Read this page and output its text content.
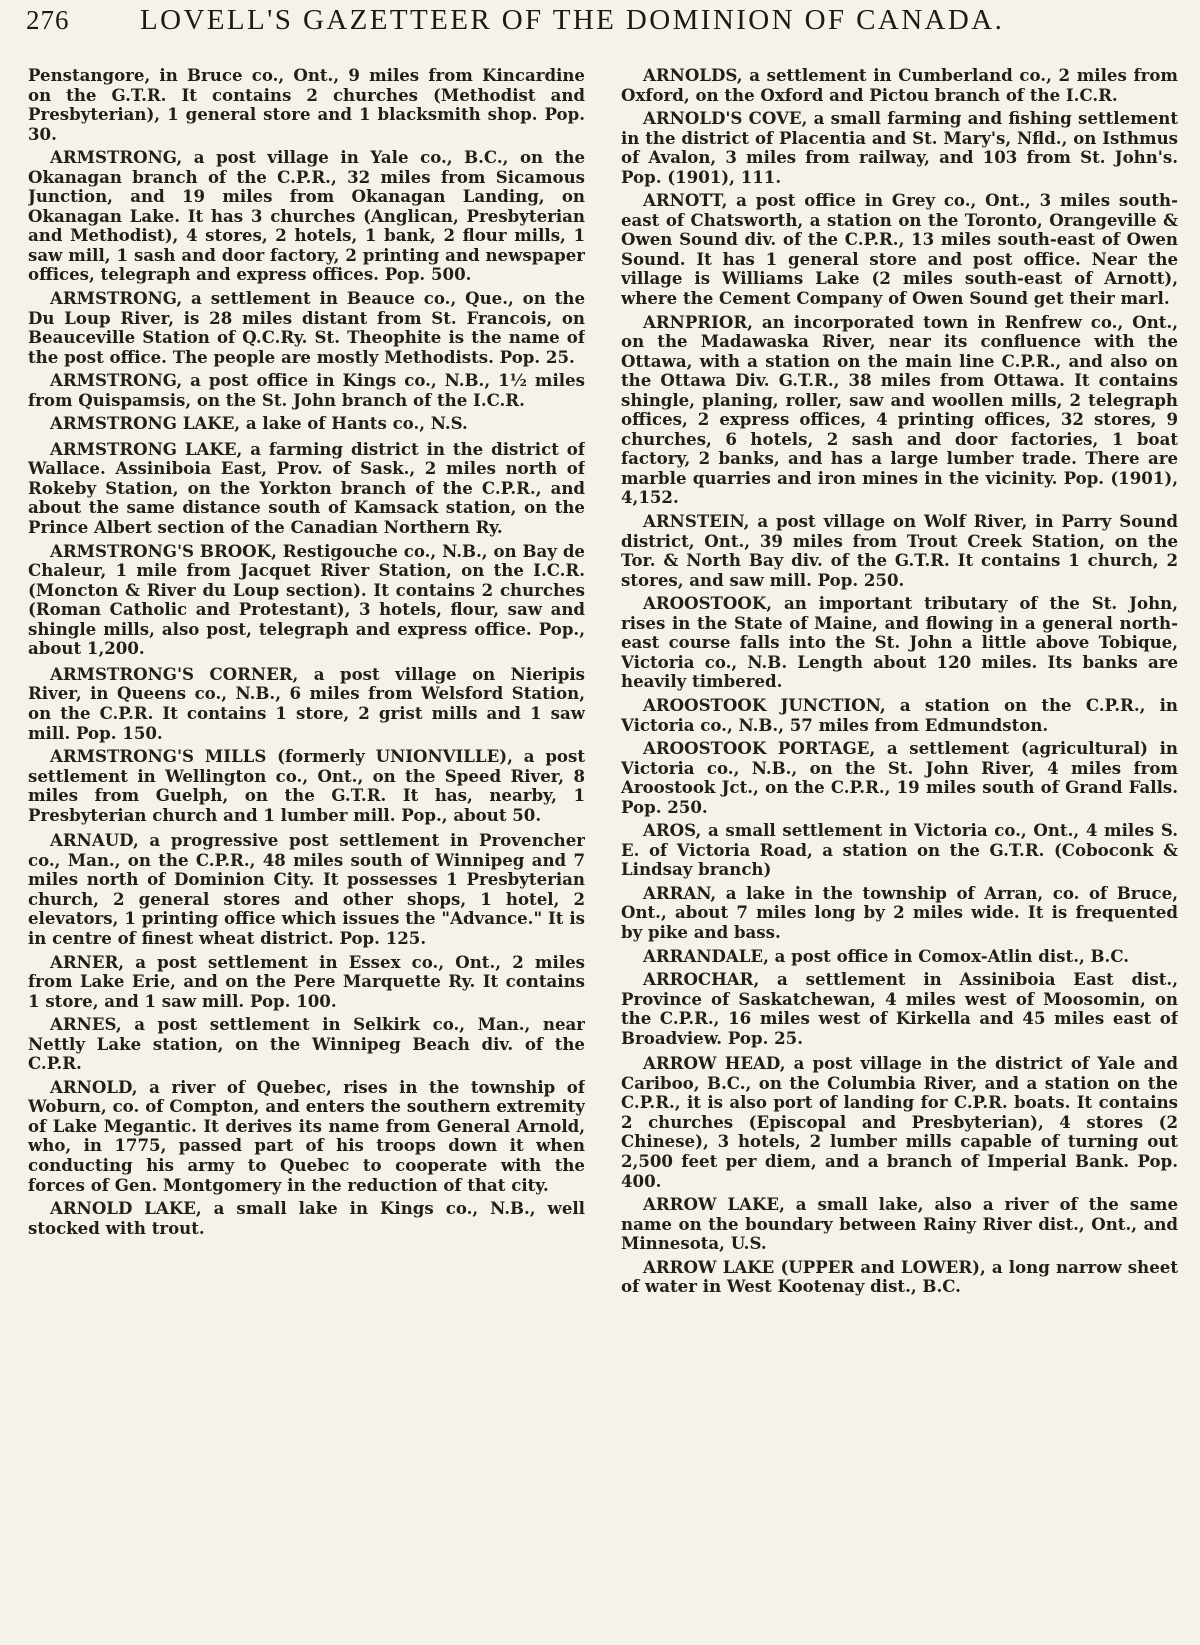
276	LOVELL'S GAZETTEER OF THE DOMINION OF CANADA.

Penstangore, in Bruce co., Ont., 9 miles from Kincardine on the G.T.R. It contains 2 churches (Methodist and Presbyterian), 1 general store and 1 blacksmith shop. Pop. 30.

ARMSTRONG, a post village in Yale co., B.C., on the Okanagan branch of the C.P.R., 32 miles from Sicamous Junction, and 19 miles from Okanagan Landing, on Okanagan Lake. It has 3 churches (Anglican, Presbyterian and Methodist), 4 stores, 2 hotels, 1 bank, 2 flour mills, 1 saw mill, 1 sash and door factory, 2 printing and newspaper offices, telegraph and express offices. Pop. 500.

ARMSTRONG, a settlement in Beauce co., Que., on the Du Loup River, is 28 miles distant from St. Francois, on Beauceville Station of Q.C.Ry. St. Theophite is the name of the post office. The people are mostly Methodists. Pop. 25.

ARMSTRONG, a post office in Kings co., N.B., 1½ miles from Quispamsis, on the St. John branch of the I.C.R.

ARMSTRONG LAKE, a lake of Hants co., N.S.

ARMSTRONG LAKE, a farming district in the district of Wallace. Assiniboia East, Prov. of Sask., 2 miles north of Rokeby Station, on the Yorkton branch of the C.P.R., and about the same distance south of Kamsack station, on the Prince Albert section of the Canadian Northern Ry.

ARMSTRONG'S BROOK, Restigouche co., N.B., on Bay de Chaleur, 1 mile from Jacquet River Station, on the I.C.R. (Moncton & River du Loup section). It contains 2 churches (Roman Catholic and Protestant), 3 hotels, flour, saw and shingle mills, also post, telegraph and express office. Pop., about 1,200.

ARMSTRONG'S CORNER, a post village on Nieripis River, in Queens co., N.B., 6 miles from Welsford Station, on the C.P.R. It contains 1 store, 2 grist mills and 1 saw mill. Pop. 150.

ARMSTRONG'S MILLS (formerly UNIONVILLE), a post settlement in Wellington co., Ont., on the Speed River, 8 miles from Guelph, on the G.T.R. It has, nearby, 1 Presbyterian church and 1 lumber mill. Pop., about 50.

ARNAUD, a progressive post settlement in Provencher co., Man., on the C.P.R., 48 miles south of Winnipeg and 7 miles north of Dominion City. It possesses 1 Presbyterian church, 2 general stores and other shops, 1 hotel, 2 elevators, 1 printing office which issues the "Advance." It is in centre of finest wheat district. Pop. 125.

ARNER, a post settlement in Essex co., Ont., 2 miles from Lake Erie, and on the Pere Marquette Ry. It contains 1 store, and 1 saw mill. Pop. 100.

ARNES, a post settlement in Selkirk co., Man., near Nettly Lake station, on the Winnipeg Beach div. of the C.P.R.

ARNOLD, a river of Quebec, rises in the township of Woburn, co. of Compton, and enters the southern extremity of Lake Megantic. It derives its name from General Arnold, who, in 1775, passed part of his troops down it when conducting his army to Quebec to cooperate with the forces of Gen. Montgomery in the reduction of that city.

ARNOLD LAKE, a small lake in Kings co., N.B., well stocked with trout.

ARNOLDS, a settlement in Cumberland co., 2 miles from Oxford, on the Oxford and Pictou branch of the I.C.R.

ARNOLD'S COVE, a small farming and fishing settlement in the district of Placentia and St. Mary's, Nfld., on Isthmus of Avalon, 3 miles from railway, and 103 from St. John's. Pop. (1901), 111.

ARNOTT, a post office in Grey co., Ont., 3 miles south-east of Chatsworth, a station on the Toronto, Orangeville & Owen Sound div. of the C.P.R., 13 miles south-east of Owen Sound. It has 1 general store and post office. Near the village is Williams Lake (2 miles south-east of Arnott), where the Cement Company of Owen Sound get their marl.

ARNPRIOR, an incorporated town in Renfrew co., Ont., on the Madawaska River, near its confluence with the Ottawa, with a station on the main line C.P.R., and also on the Ottawa Div. G.T.R., 38 miles from Ottawa. It contains shingle, planing, roller, saw and woollen mills, 2 telegraph offices, 2 express offices, 4 printing offices, 32 stores, 9 churches, 6 hotels, 2 sash and door factories, 1 boat factory, 2 banks, and has a large lumber trade. There are marble quarries and iron mines in the vicinity. Pop. (1901), 4,152.

ARNSTEIN, a post village on Wolf River, in Parry Sound district, Ont., 39 miles from Trout Creek Station, on the Tor. & North Bay div. of the G.T.R. It contains 1 church, 2 stores, and saw mill. Pop. 250.

AROOSTOOK, an important tributary of the St. John, rises in the State of Maine, and flowing in a general north-east course falls into the St. John a little above Tobique, Victoria co., N.B. Length about 120 miles. Its banks are heavily timbered.

AROOSTOOK JUNCTION, a station on the C.P.R., in Victoria co., N.B., 57 miles from Edmundston.

AROOSTOOK PORTAGE, a settlement (agricultural) in Victoria co., N.B., on the St. John River, 4 miles from Aroostook Jct., on the C.P.R., 19 miles south of Grand Falls. Pop. 250.

AROS, a small settlement in Victoria co., Ont., 4 miles S. E. of Victoria Road, a station on the G.T.R. (Coboconk & Lindsay branch)

ARRAN, a lake in the township of Arran, co. of Bruce, Ont., about 7 miles long by 2 miles wide. It is frequented by pike and bass.

ARRANDALE, a post office in Comox-Atlin dist., B.C.

ARROCHAR, a settlement in Assiniboia East dist., Province of Saskatchewan, 4 miles west of Moosomin, on the C.P.R., 16 miles west of Kirkella and 45 miles east of Broadview. Pop. 25.

ARROW HEAD, a post village in the district of Yale and Cariboo, B.C., on the Columbia River, and a station on the C.P.R., it is also port of landing for C.P.R. boats. It contains 2 churches (Episcopal and Presbyterian), 4 stores (2 Chinese), 3 hotels, 2 lumber mills capable of turning out 2,500 feet per diem, and a branch of Imperial Bank. Pop. 400.

ARROW LAKE, a small lake, also a river of the same name on the boundary between Rainy River dist., Ont., and Minnesota, U.S.

ARROW LAKE (UPPER and LOWER), a long narrow sheet of water in West Kootenay dist., B.C.
